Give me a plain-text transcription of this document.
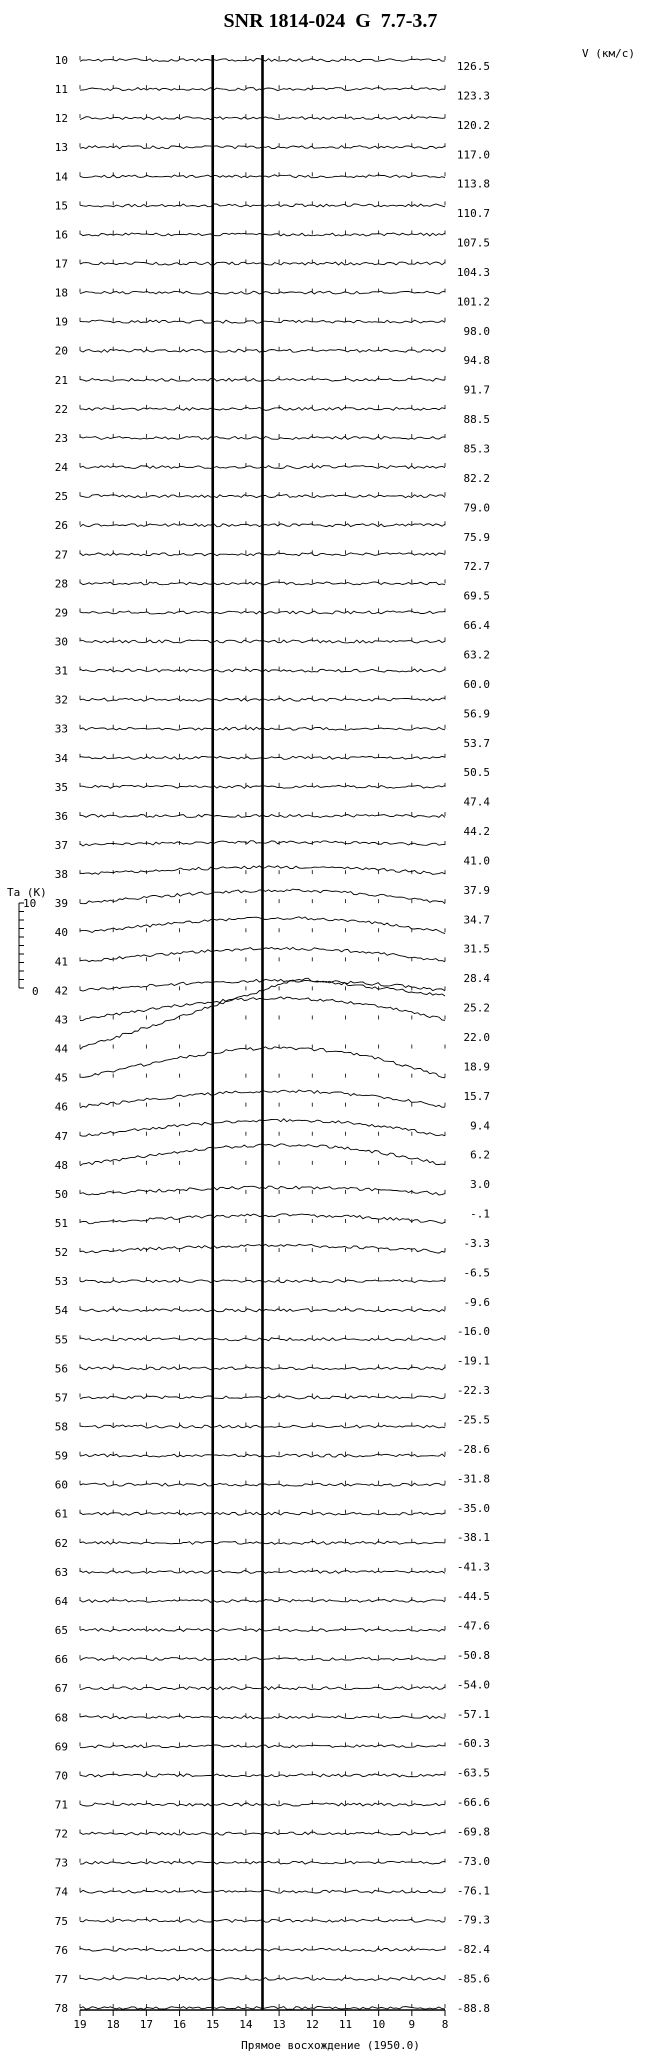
SNR 1814-024  G  7.7-3.7
V (км/с)
Ta (K)
10
0
Прямое восхождение (1950.0)
19 18 17 16 15 14 13 12 11 10 9 8
10
11
12
13
14
15
16
17
18
19
20
21
22
23
24
25
26
27
28
29
30
31
32
33
34
35
36
37
38
39
40
41
42
43
44
45
46
47
48
50
51
52
53
54
55
56
57
58
59
60
61
62
63
64
65
66
67
68
69
70
71
72
73
74
75
76
77
78
126.5
123.3
120.2
117.0
113.8
110.7
107.5
104.3
101.2
98.0
94.8
91.7
88.5
85.3
82.2
79.0
75.9
72.7
69.5
66.4
63.2
60.0
56.9
53.7
50.5
47.4
44.2
41.0
37.9
34.7
31.5
28.4
25.2
22.0
18.9
15.7
9.4
6.2
3.0
-.1
-3.3
-6.5
-9.6
-16.0
-19.1
-22.3
-25.5
-28.6
-31.8
-35.0
-38.1
-41.3
-44.5
-47.6
-50.8
-54.0
-57.1
-60.3
-63.5
-66.6
-69.8
-73.0
-76.1
-79.3
-82.4
-85.6
-88.8
